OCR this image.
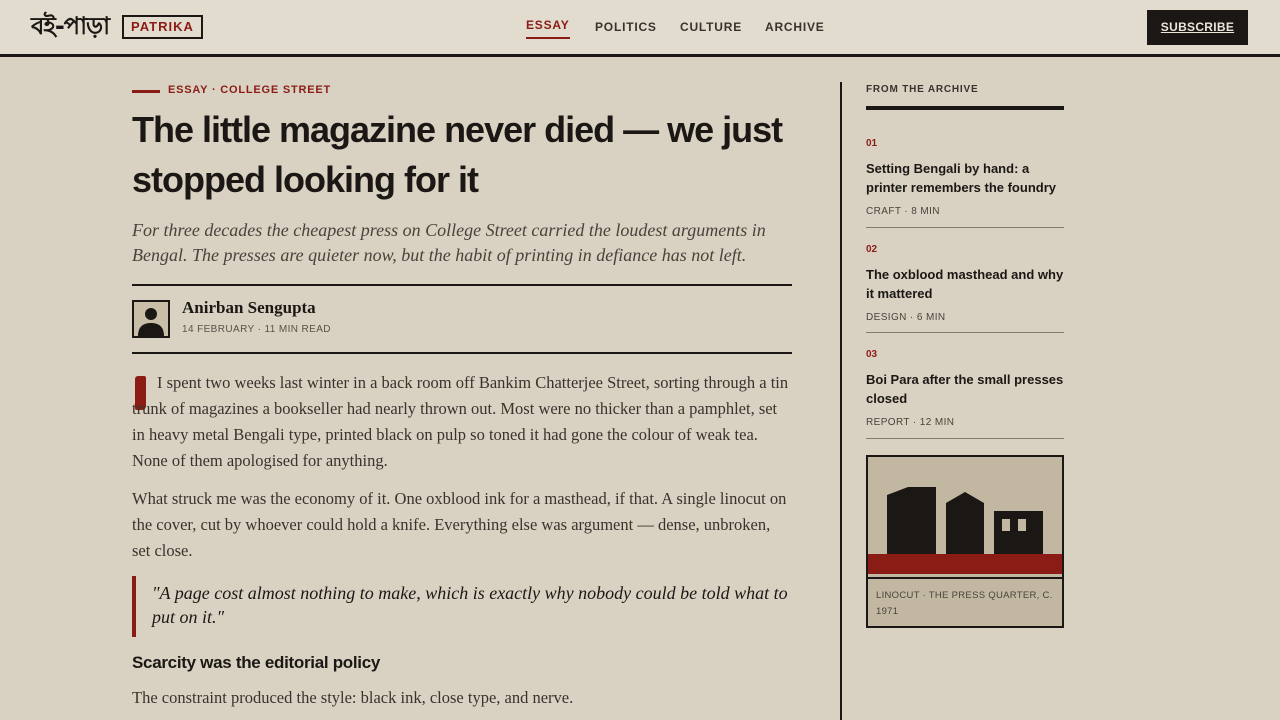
বই-পাড়া	PATRIKA	ESSAY POLITICS CULTURE ARCHIVE	SUBSCRIBE
ESSAY · COLLEGE STREET
The little magazine never died — we just stopped looking for it

For three decades the cheapest press on College Street carried the loudest arguments in Bengal. The presses are quieter now, but the habit of printing in defiance has not left.

Anirban Sengupta
14 FEBRUARY · 11 MIN READ

I spent two weeks last winter in a back room off Bankim Chatterjee Street, sorting through a tin trunk of magazines a bookseller had nearly thrown out. Most were no thicker than a pamphlet, set in heavy metal Bengali type, printed black on pulp so toned it had gone the colour of weak tea. None of them apologised for anything.

What struck me was the economy of it. One oxblood ink for a masthead, if that. A single linocut on the cover, cut by whoever could hold a knife. Everything else was argument — dense, unbroken, set close.

"A page cost almost nothing to make, which is exactly why nobody could be told what to put on it."
Scarcity was the editorial policy

The constraint produced the style: black ink, close type, and nerve.

FROM THE ARCHIVE
01
Setting Bengali by hand: a printer remembers the foundry
CRAFT · 8 MIN
02
The oxblood masthead and why it mattered
DESIGN · 6 MIN
03
Boi Para after the small presses closed
REPORT · 12 MIN
LINOCUT · THE PRESS QUARTER, C. 1971
